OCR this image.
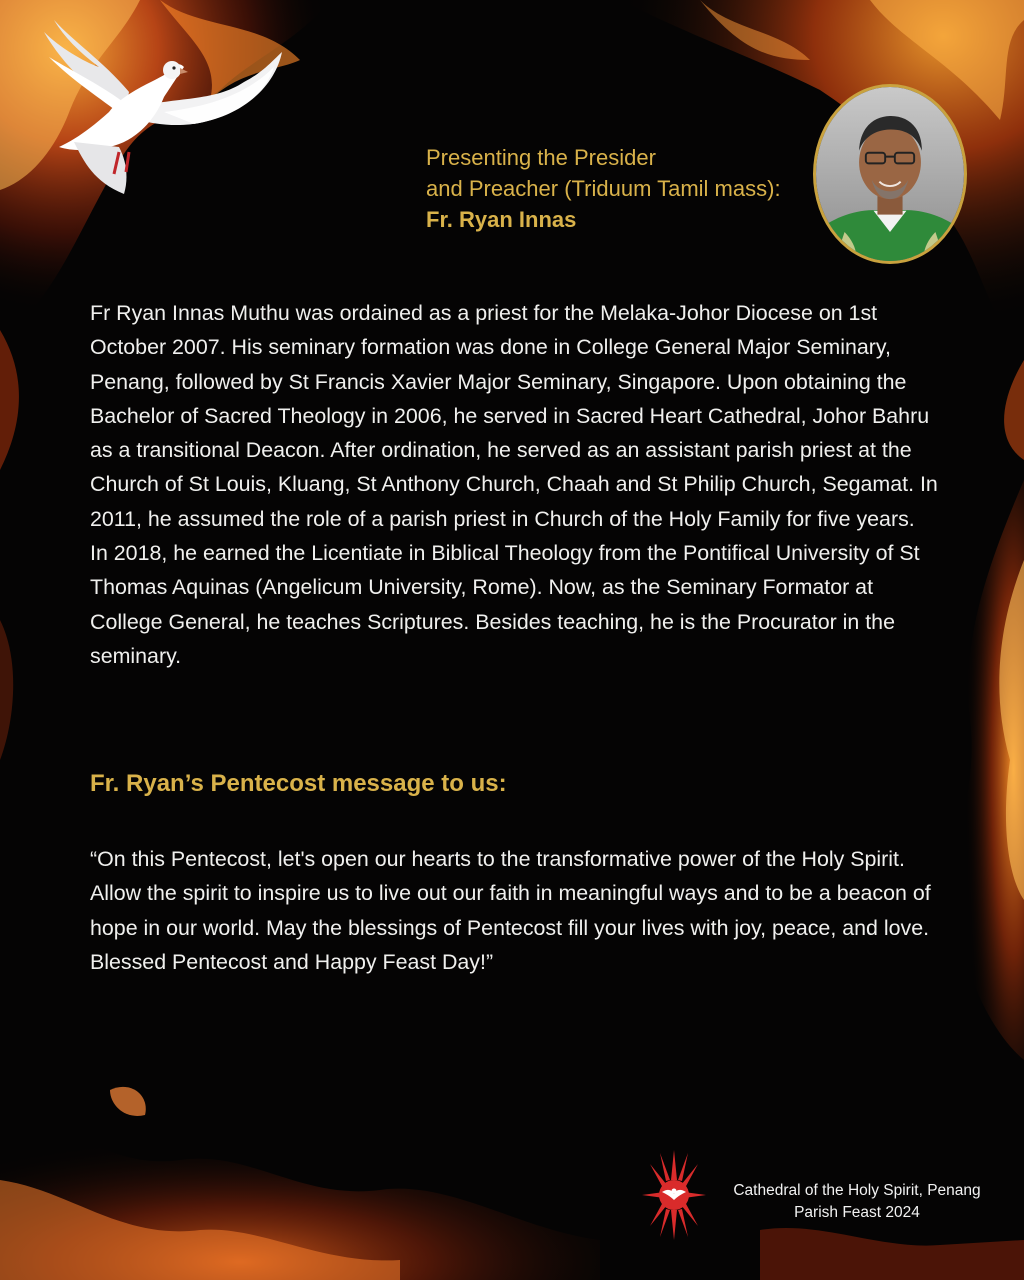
Presenting the Presider
and Preacher (Triduum Tamil mass):
Fr. Ryan Innas

Fr Ryan Innas Muthu was ordained as a priest for the Melaka-Johor Diocese on 1st October 2007. His seminary formation was done in College General Major Seminary, Penang, followed by St Francis Xavier Major Seminary, Singapore. Upon obtaining the Bachelor of Sacred Theology in 2006, he served in Sacred Heart Cathedral, Johor Bahru as a transitional Deacon. After ordination, he served as an assistant parish priest at the Church of St Louis, Kluang, St Anthony Church, Chaah and St Philip Church, Segamat. In 2011, he assumed the role of a parish priest in Church of the Holy Family for five years.

In 2018, he earned the Licentiate in Biblical Theology from the Pontifical University of St Thomas Aquinas (Angelicum University, Rome). Now, as the Seminary Formator at College General, he teaches Scriptures. Besides teaching, he is the Procurator in the seminary.

Fr. Ryan’s Pentecost message to us:

“On this Pentecost, let's open our hearts to the transformative power of the Holy Spirit. Allow the spirit to inspire us to live out our faith in meaningful ways and to be a beacon of hope in our world. May the blessings of Pentecost fill your lives with joy, peace, and love. Blessed Pentecost and Happy Feast Day!”

Cathedral of the Holy Spirit, Penang
Parish Feast 2024
